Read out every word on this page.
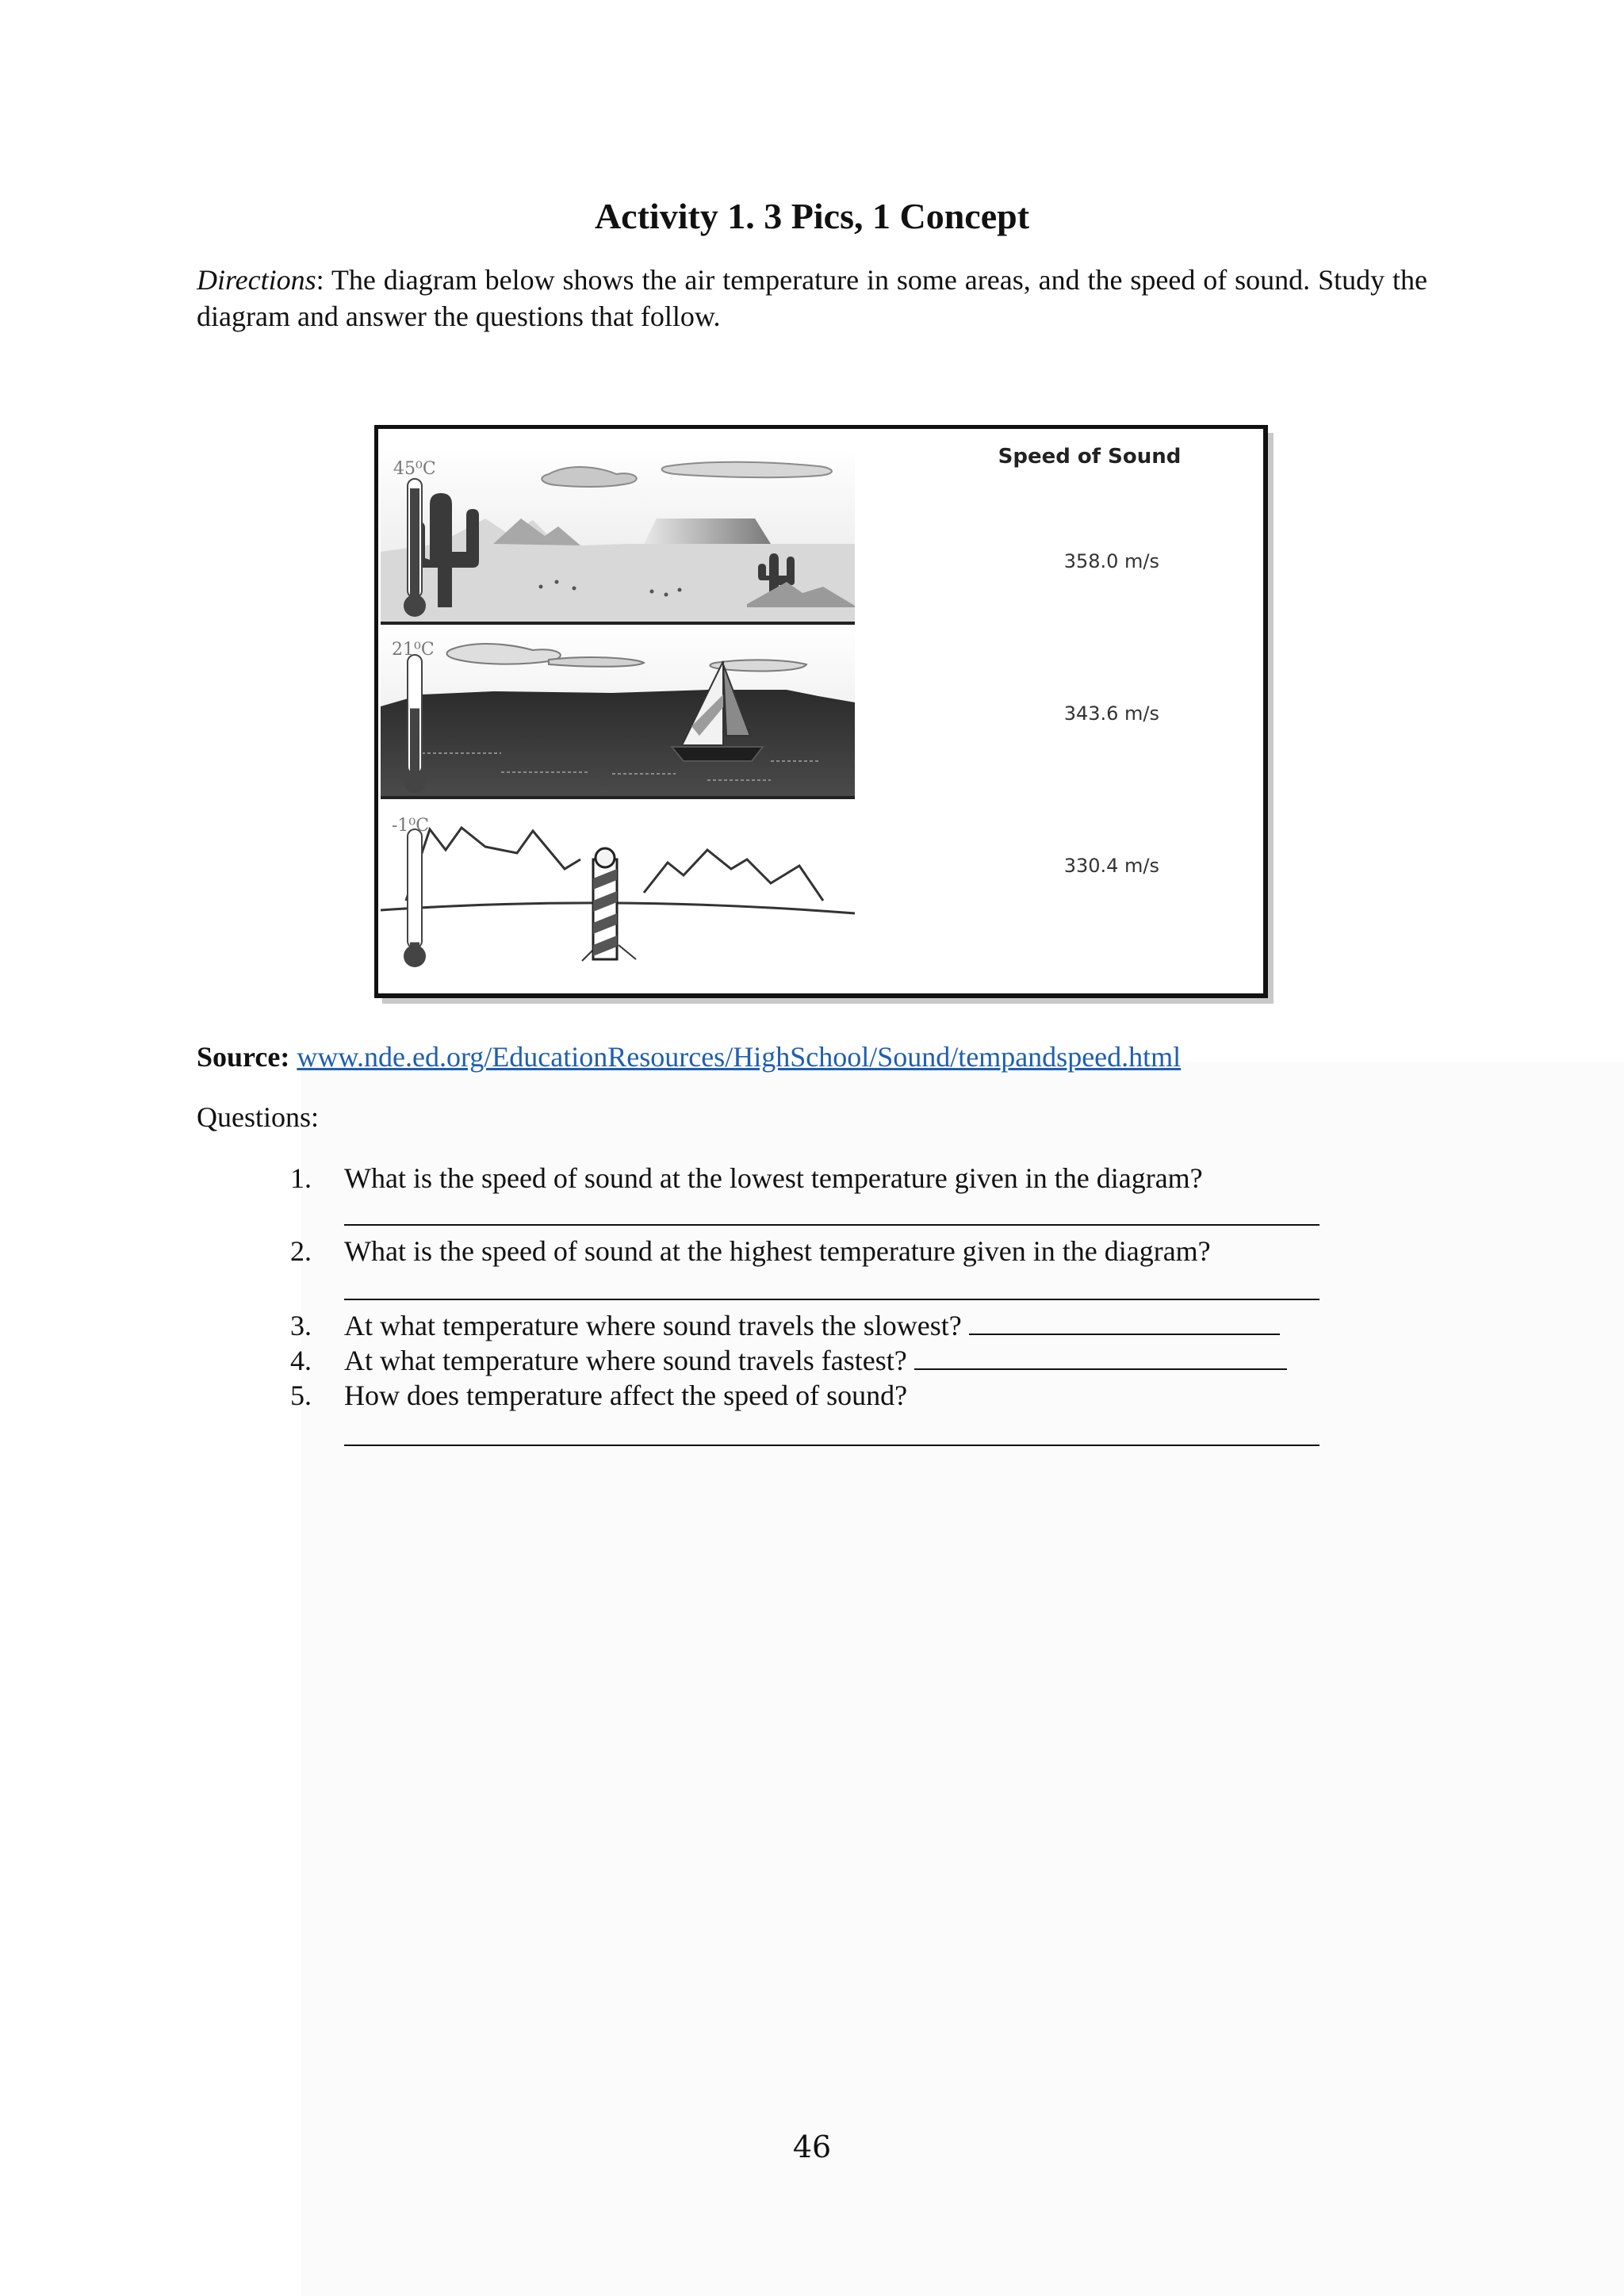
Activity 1. 3 Pics, 1 Concept

Directions: The diagram below shows the air temperature in some areas, and the speed of sound. Study the diagram and answer the questions that follow.

45⁰C
21⁰C
-1⁰C
Speed of Sound
358.0 m/s
343.6 m/s
330.4 m/s

Source: www.nde.ed.org/EducationResources/HighSchool/Sound/tempandspeed.html

Questions:

1. What is the speed of sound at the lowest temperature given in the diagram?
2. What is the speed of sound at the highest temperature given in the diagram?
3. At what temperature where sound travels the slowest?
4. At what temperature where sound travels fastest?
5. How does temperature affect the speed of sound?
46
